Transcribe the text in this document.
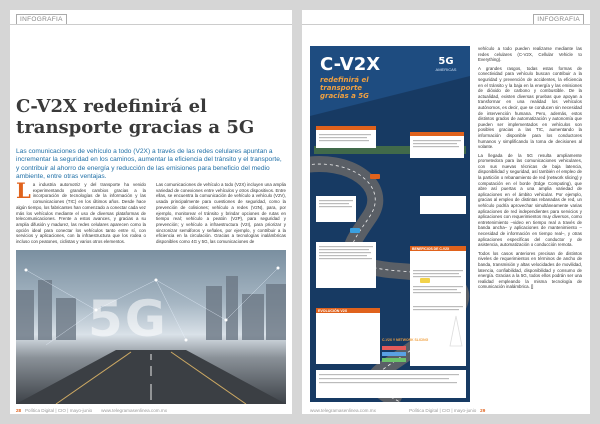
INFOGRAFIA
C-V2X redefinirá el transporte gracias a 5G
Las comunicaciones de vehículo a todo (V2X) a través de las redes celulares apuntan a incrementar la seguridad en los caminos, aumentar la eficiencia del tránsito y el transporte, y contribuir al ahorro de energía y reducción de las emisiones para beneficio del medio ambiente, entre otras ventajas.
La industria automotriz y del transporte ha venido experimentando grandes cambios gracias a la incorporación de tecnologías de la información y las comunicaciones (TIC) en los últimos años. Desde hace algún tiempo, los fabricantes han comenzado a conectar cada vez más los vehículos mediante el uso de diversas plataformas de telecomunicaciones. Frente a estos avances, y gracias a su amplia difusión y madurez, las redes celulares aparecen como la opción ideal para conectar los vehículos tanto entre sí, con servicios y aplicaciones, con la infraestructura que los rodea o incluso con peatones, ciclistas y varios otros elementos.
Las comunicaciones de vehículo a todo (V2X) incluyen una amplia variedad de conexiones entre vehículos y otros dispositivos. Entre ellas, se encuentra la comunicación de vehículo a vehículo (V2V), usada principalmente para cuestiones de seguridad, como la prevención de colisiones; vehículo a redes (V2N), para, por ejemplo, monitorear el tránsito y brindar opciones de rutas en tiempo real; vehículo a peatón (V2P), para seguridad y prevención; y vehículo a infraestructura (V2I), para priorizar y sincronizar semáforos y señales, por ejemplo, y contribuir a la eficiencia en la circulación. Gracias a tecnologías inalámbricas disponibles como 4G y 5G, las comunicaciones de
5G
28 Política Digital | CIO | mayo-junio www.telegramasenlinea.com.mx
INFOGRAFIA
C-V2X
redefinirá el transporte gracias a 5G
5G
AMERICAS
EVOLUCIÓN V2X
BENEFICIOS DE C-V2X
C-V2X Y NETWORK SLICING

vehículo a todo pueden realizarse mediante las redes celulares (C-V2X, Cellular Vehicle to Everything).

A grandes rasgos, todas estas formas de conectividad para vehículo buscan contribuir a la seguridad y prevención de accidentes, la eficiencia en el tránsito y la baja en la energía y las emisiones de dióxido de carbono y combustible. De la actualidad, existen diversas pruebas que apoyan a transformar en una realidad los vehículos autónomos, es decir, que se conducen sin necesidad de intervención humana. Pero, además, estos distintos grados de automatización y autonomía que pueden ser implementados en vehículos son posibles gracias a las TIC, aumentando la información disponible para los conductores humanos y simplificando la toma de decisiones al volante.

La llegada de la 5G resulta ampliamente prometedora para las comunicaciones vehiculares, con sus nuevas técnicas de baja latencia, disponibilidad y seguridad, así también el empleo de la partición o rebanamiento de red (network slicing) y computación en el borde (Edge Computing), que abre así puertas a una amplia variedad de aplicaciones en el ámbito vehicular. Por ejemplo, gracias al empleo de distintas rebanadas de red, un vehículo podría aprovechar simultáneamente varias aplicaciones de red independientes para servicios y aplicaciones con requerimientos muy diversos, como entretenimiento –video en tiempo real a través de banda ancha– y aplicaciones de mantenimiento –necesidad de información en tiempo real–, y otras aplicaciones específicas del conductor y de asistencia, automatización o conducción remota.

Todos los casos anteriores precisan de distintos niveles de requerimientos en términos de ancho de banda, transmisión y altas velocidades de movilidad, latencia, confiabilidad, disponibilidad y consumo de energía. Gracias a la 5G, todos ellos podrán ser una realidad empleando la misma tecnología de comunicación inalámbrica. []

www.telegramasenlinea.com.mx	Política Digital | CIO | mayo-junio 29
